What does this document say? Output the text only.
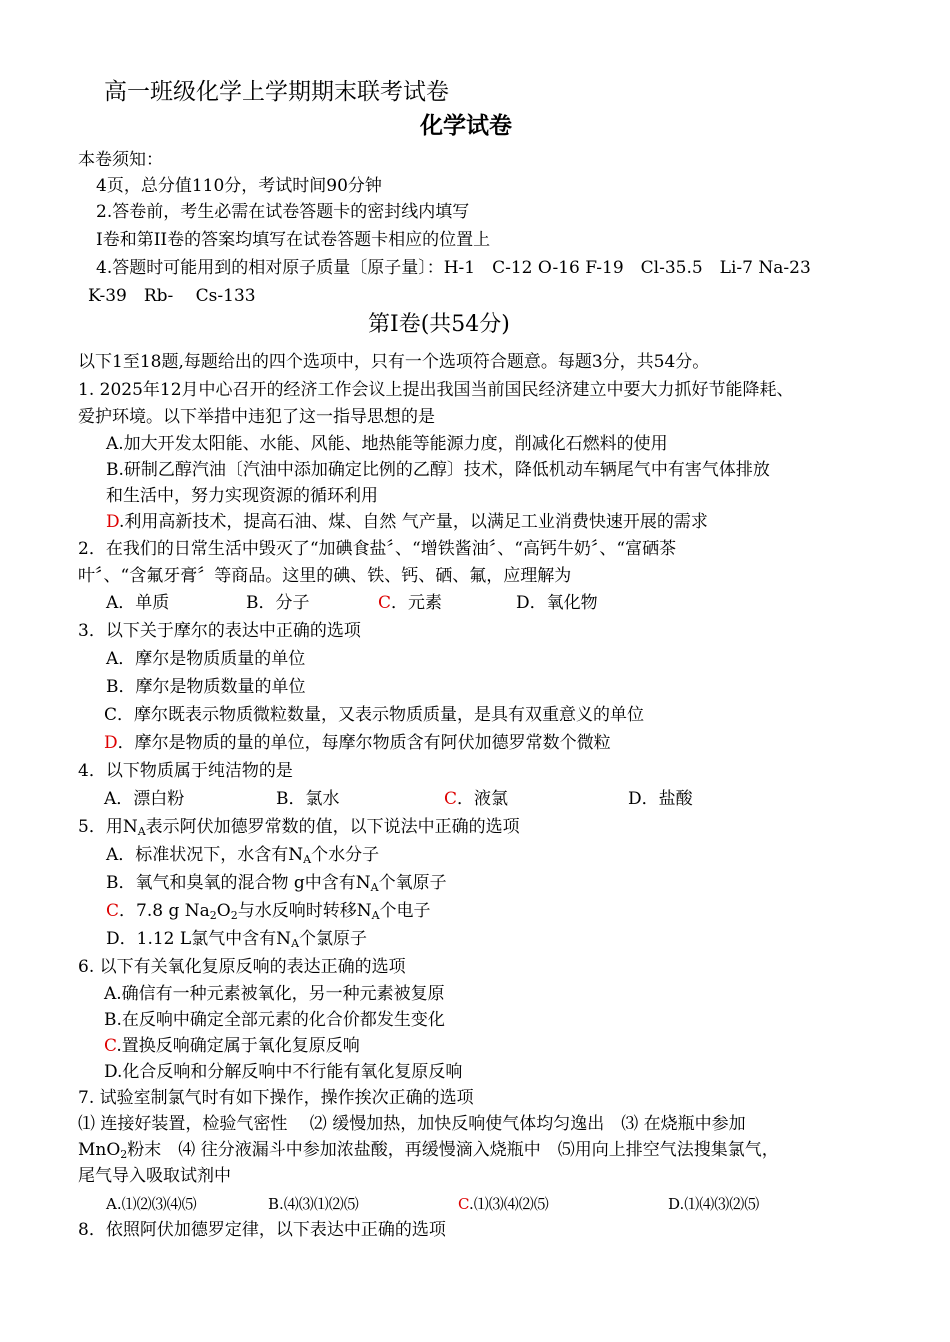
高一班级化学上学期期末联考试卷
化学试卷
本卷须知：
4页，总分值110分，考试时间90分钟
2.答卷前，考生必需在试卷答题卡的密封线内填写
I卷和第II卷的答案均填写在试卷答题卡相应的位置上
4.答题时可能用到的相对原子质量〔原子量〕：H-1　C-12 O-16 F-19　Cl-35.5　Li-7 Na-23
K-39　Rb-　 Cs-133
第Ⅰ卷(共54分)
以下1至18题,每题给出的四个选项中，只有一个选项符合题意。每题3分，共54分。
1. 2025年12月中心召开的经济工作会议上提出我国当前国民经济建立中要大力抓好节能降耗、
爱护环境。以下举措中违犯了这一指导思想的是
A.加大开发太阳能、水能、风能、地热能等能源力度，削减化石燃料的使用
B.研制乙醇汽油〔汽油中添加确定比例的乙醇〕技术，降低机动车辆尾气中有害气体排放
和生活中，努力实现资源的循环利用
D.利用高新技术，提高石油、煤、自然 气产量，以满足工业消费快速开展的需求
2．在我们的日常生活中毁灭了“加碘食盐〞、“增铁酱油〞、“高钙牛奶〞、“富硒茶
叶〞、“含氟牙膏〞等商品。这里的碘、铁、钙、硒、氟，应理解为
A．单质	B．分子	C．元素	D．氧化物
3．以下关于摩尔的表达中正确的选项
A．摩尔是物质质量的单位
B．摩尔是物质数量的单位
C．摩尔既表示物质微粒数量，又表示物质质量，是具有双重意义的单位
D．摩尔是物质的量的单位，每摩尔物质含有阿伏加德罗常数个微粒
4．以下物质属于纯洁物的是
A．漂白粉	B．氯水	C．液氯	D．盐酸
5．用$N_A$表示阿伏加德罗常数的值，以下说法中正确的选项
A．标准状况下，水含有$N_A$个水分子
B．氧气和臭氧的混合物 g中含有$N_A$个氧原子
C．7.8 g $Na_2O_2$与水反响时转移$N_A$个电子
D．1.12 L氯气中含有$N_A$个氯原子
6. 以下有关氧化复原反响的表达正确的选项
A.确信有一种元素被氧化，另一种元素被复原
B.在反响中确定全部元素的化合价都发生变化
C.置换反响确定属于氧化复原反响
D.化合反响和分解反响中不行能有氧化复原反响
7. 试验室制氯气时有如下操作，操作挨次正确的选项
⑴ 连接好装置，检验气密性　 ⑵ 缓慢加热，加快反响使气体均匀逸出　⑶ 在烧瓶中参加
MnO$_2$粉末　⑷ 往分液漏斗中参加浓盐酸，再缓慢滴入烧瓶中　⑸用向上排空气法搜集氯气，
尾气导入吸取试剂中
A.⑴⑵⑶⑷⑸	B.⑷⑶⑴⑵⑸	C.⑴⑶⑷⑵⑸	D.⑴⑷⑶⑵⑸
8．依照阿伏加德罗定律，以下表达中正确的选项
